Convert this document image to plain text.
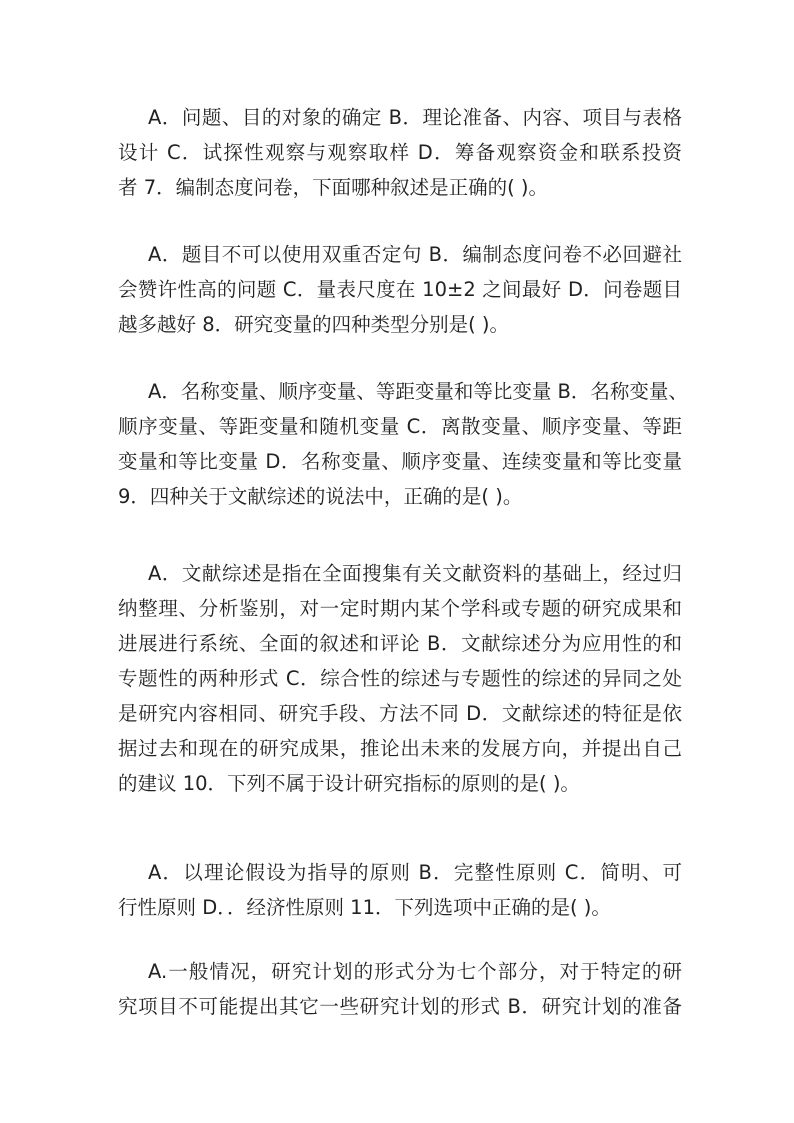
A．问题、目的对象的确定 B．理论准备、内容、项目与表格
设计 C．试探性观察与观察取样 D．筹备观察资金和联系投资
者 7．编制态度问卷，下面哪种叙述是正确的( )。

A．题目不可以使用双重否定句 B．编制态度问卷不必回避社
会赞许性高的问题 C．量表尺度在 10±2 之间最好 D．问卷题目
越多越好 8．研究变量的四种类型分别是( )。

A．名称变量、顺序变量、等距变量和等比变量 B．名称变量、
顺序变量、等距变量和随机变量 C．离散变量、顺序变量、等距
变量和等比变量 D．名称变量、顺序变量、连续变量和等比变量
9．四种关于文献综述的说法中，正确的是( )。

A．文献综述是指在全面搜集有关文献资料的基础上，经过归
纳整理、分析鉴别，对一定时期内某个学科或专题的研究成果和
进展进行系统、全面的叙述和评论 B．文献综述分为应用性的和
专题性的两种形式 C．综合性的综述与专题性的综述的异同之处
是研究内容相同、研究手段、方法不同 D．文献综述的特征是依
据过去和现在的研究成果，推论出未来的发展方向，并提出自己
的建议 10．下列不属于设计研究指标的原则的是( )。

A．以理论假设为指导的原则 B．完整性原则 C．简明、可
行性原则 D．．经济性原则 11．下列选项中正确的是( )。

A.一般情况，研究计划的形式分为七个部分，对于特定的研
究项目不可能提出其它一些研究计划的形式 B．研究计划的准备
